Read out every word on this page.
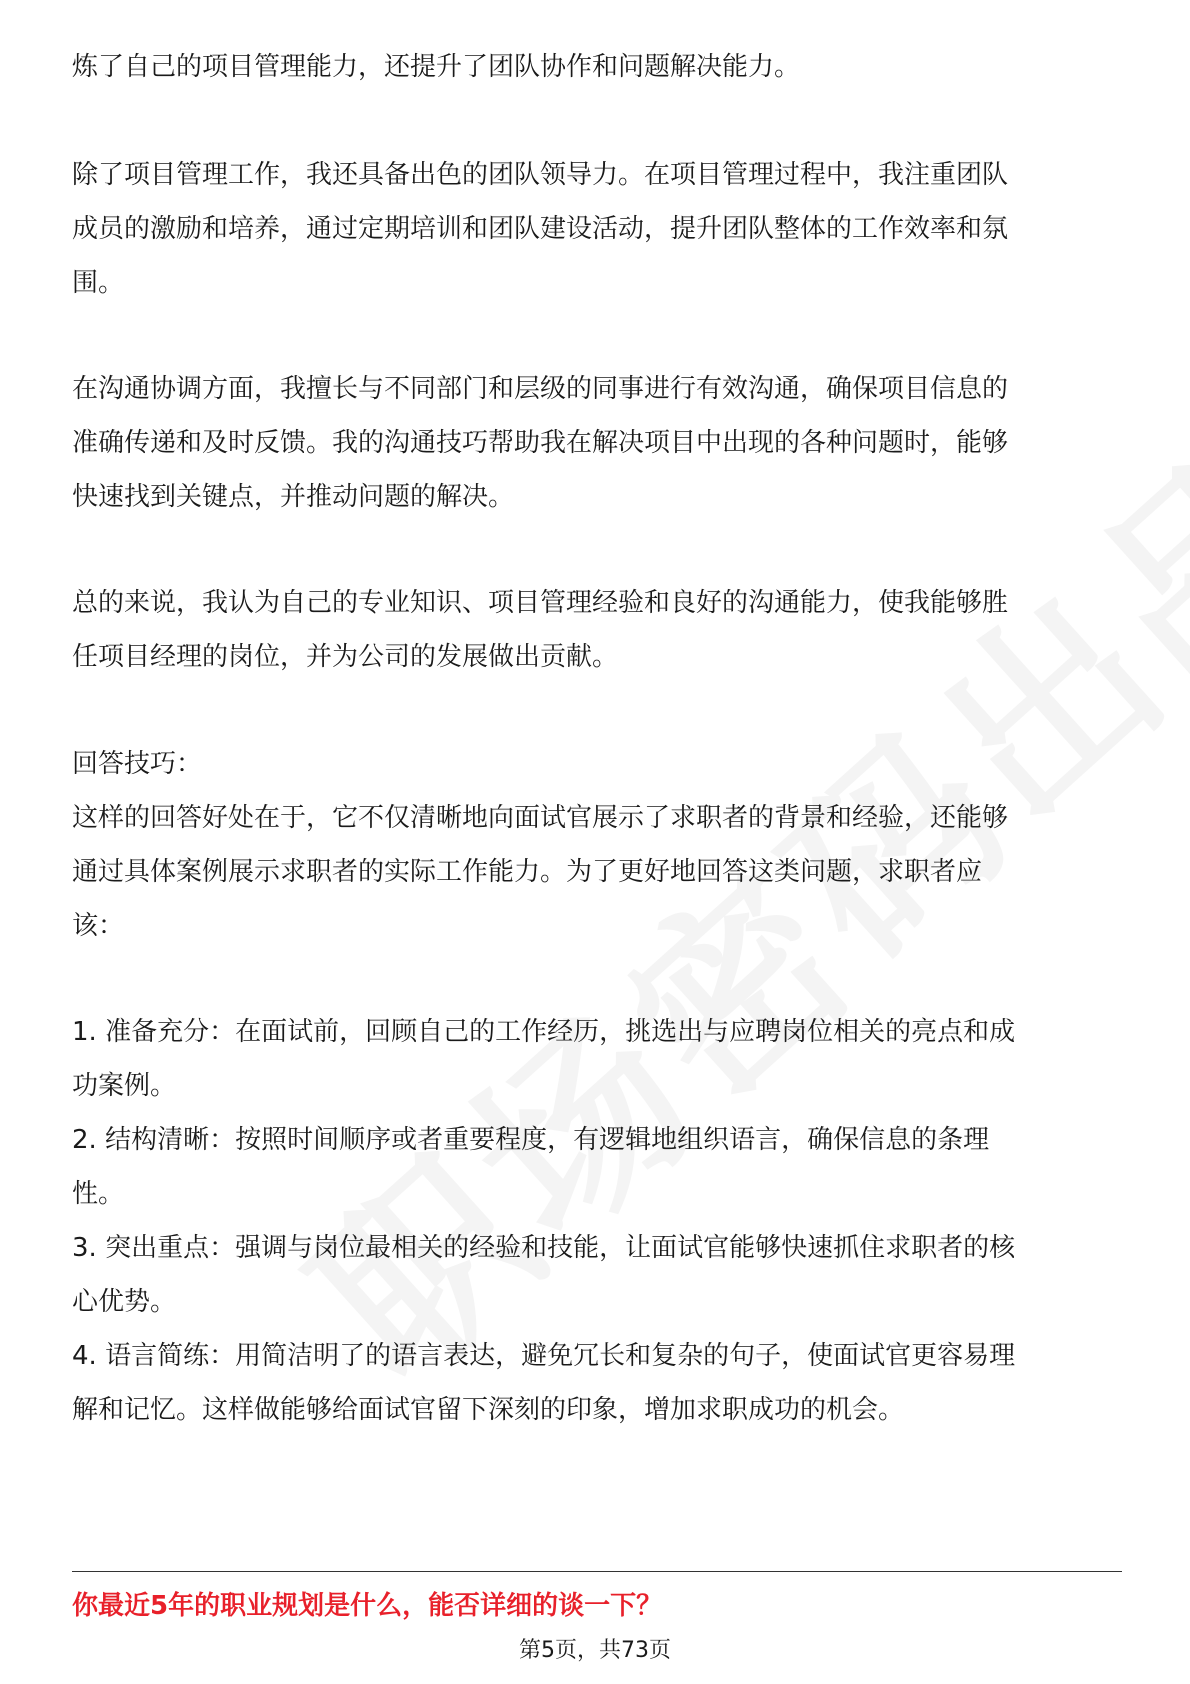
炼了自己的项目管理能力，还提升了团队协作和问题解决能力。
除了项目管理工作，我还具备出色的团队领导力。在项目管理过程中，我注重团队
成员的激励和培养，通过定期培训和团队建设活动，提升团队整体的工作效率和氛
围。
在沟通协调方面，我擅长与不同部门和层级的同事进行有效沟通，确保项目信息的
准确传递和及时反馈。我的沟通技巧帮助我在解决项目中出现的各种问题时，能够
快速找到关键点，并推动问题的解决。
总的来说，我认为自己的专业知识、项目管理经验和良好的沟通能力，使我能够胜
任项目经理的岗位，并为公司的发展做出贡献。
回答技巧：
这样的回答好处在于，它不仅清晰地向面试官展示了求职者的背景和经验，还能够
通过具体案例展示求职者的实际工作能力。为了更好地回答这类问题，求职者应
该：
1. 准备充分：在面试前，回顾自己的工作经历，挑选出与应聘岗位相关的亮点和成
功案例。
2. 结构清晰：按照时间顺序或者重要程度，有逻辑地组织语言，确保信息的条理
性。
3. 突出重点：强调与岗位最相关的经验和技能，让面试官能够快速抓住求职者的核
心优势。
4. 语言简练：用简洁明了的语言表达，避免冗长和复杂的句子，使面试官更容易理
解和记忆。这样做能够给面试官留下深刻的印象，增加求职成功的机会。
你最近5年的职业规划是什么，能否详细的谈一下？
第5页，共73页
